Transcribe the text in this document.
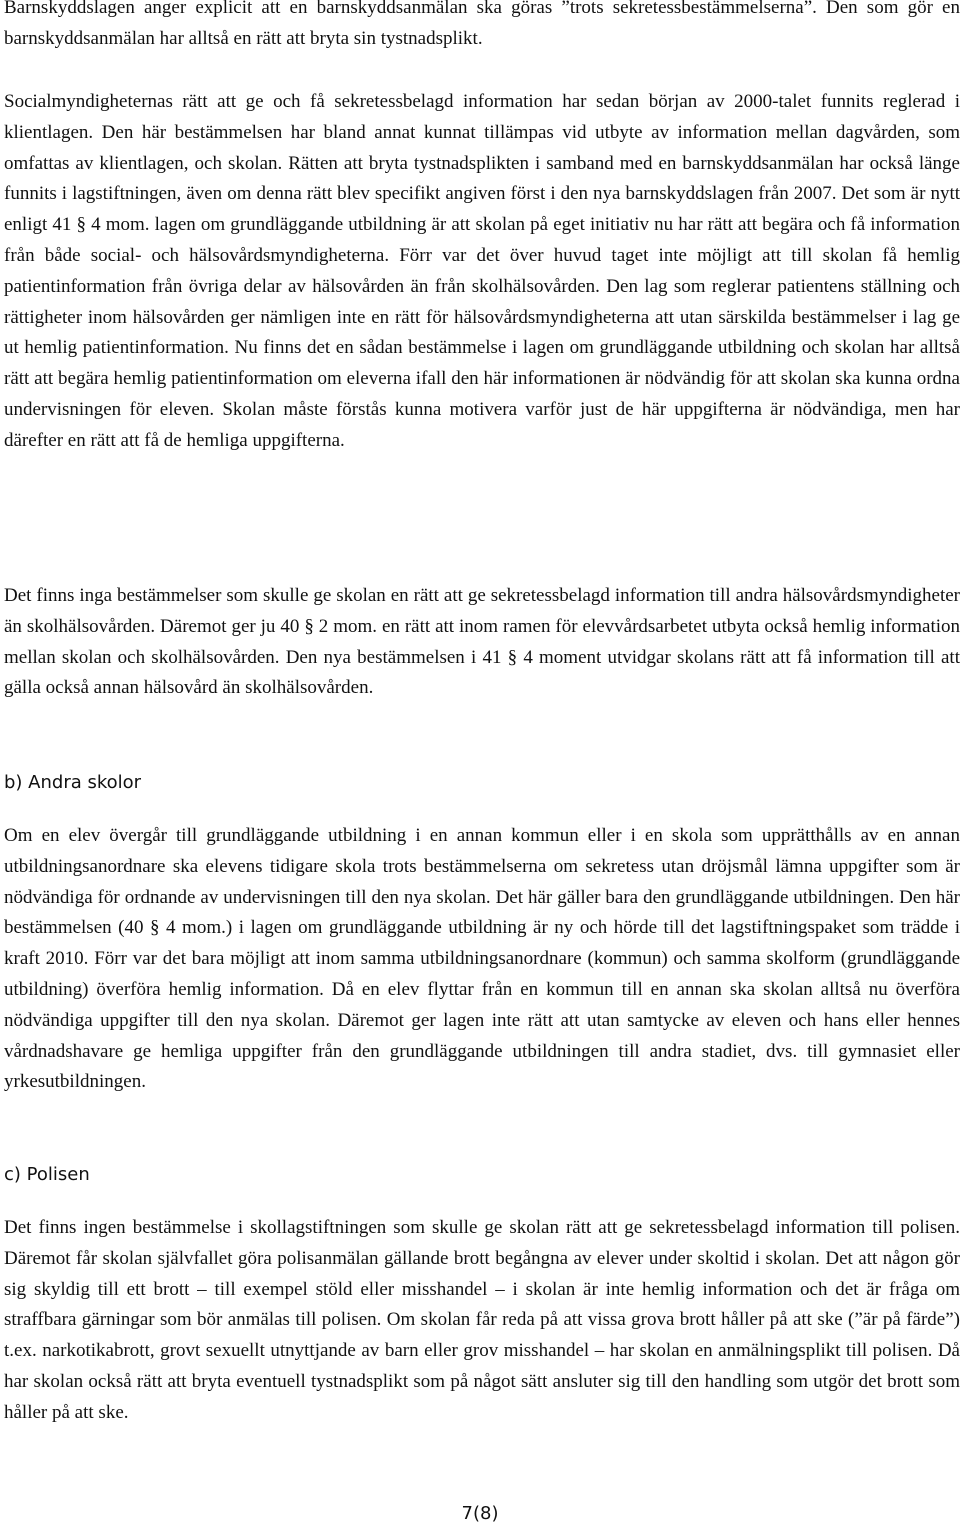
Barnskyddslagen anger explicit att en barnskyddsanmälan ska göras ”trots sekretessbestämmelserna”. Den som gör en barnskyddsanmälan har alltså en rätt att bryta sin tystnadsplikt.

Socialmyndigheternas rätt att ge och få sekretessbelagd information har sedan början av 2000-talet funnits reglerad i klientlagen. Den här bestämmelsen har bland annat kunnat tillämpas vid utbyte av information mellan dagvården, som omfattas av klientlagen, och skolan. Rätten att bryta tystnadsplikten i samband med en barnskyddsanmälan har också länge funnits i lagstiftningen, även om denna rätt blev specifikt angiven först i den nya barnskyddslagen från 2007. Det som är nytt enligt 41 § 4 mom. lagen om grundläggande utbildning är att skolan på eget initiativ nu har rätt att begära och få information från både social- och hälsovårdsmyndigheterna. Förr var det över huvud taget inte möjligt att till skolan få hemlig patientinformation från övriga delar av hälsovården än från skolhälsovården. Den lag som reglerar patientens ställning och rättigheter inom hälsovården ger nämligen inte en rätt för hälsovårdsmyndigheterna att utan särskilda bestämmelser i lag ge ut hemlig patientinformation. Nu finns det en sådan bestämmelse i lagen om grundläggande utbildning och skolan har alltså rätt att begära hemlig patientinformation om eleverna ifall den här informationen är nödvändig för att skolan ska kunna ordna undervisningen för eleven. Skolan måste förstås kunna motivera varför just de här uppgifterna är nödvändiga, men har därefter en rätt att få de hemliga uppgifterna.

Det finns inga bestämmelser som skulle ge skolan en rätt att ge sekretessbelagd information till andra hälsovårdsmyndigheter än skolhälsovården. Däremot ger ju 40 § 2 mom. en rätt att inom ramen för elevvårdsarbetet utbyta också hemlig information mellan skolan och skolhälsovården. Den nya bestämmelsen i 41 § 4 moment utvidgar skolans rätt att få information till att gälla också annan hälsovård än skolhälsovården.

b) Andra skolor

Om en elev övergår till grundläggande utbildning i en annan kommun eller i en skola som upprätthålls av en annan utbildningsanordnare ska elevens tidigare skola trots bestämmelserna om sekretess utan dröjsmål lämna uppgifter som är nödvändiga för ordnande av undervisningen till den nya skolan. Det här gäller bara den grundläggande utbildningen. Den här bestämmelsen (40 § 4 mom.) i lagen om grundläggande utbildning är ny och hörde till det lagstiftningspaket som trädde i kraft 2010. Förr var det bara möjligt att inom samma utbildningsanordnare (kommun) och samma skolform (grundläggande utbildning) överföra hemlig information. Då en elev flyttar från en kommun till en annan ska skolan alltså nu överföra nödvändiga uppgifter till den nya skolan. Däremot ger lagen inte rätt att utan samtycke av eleven och hans eller hennes vårdnadshavare ge hemliga uppgifter från den grundläggande utbildningen till andra stadiet, dvs. till gymnasiet eller yrkesutbildningen.

c) Polisen

Det finns ingen bestämmelse i skollagstiftningen som skulle ge skolan rätt att ge sekretessbelagd information till polisen. Däremot får skolan självfallet göra polisanmälan gällande brott begångna av elever under skoltid i skolan. Det att någon gör sig skyldig till ett brott – till exempel stöld eller misshandel – i skolan är inte hemlig information och det är fråga om straffbara gärningar som bör anmälas till polisen. Om skolan får reda på att vissa grova brott håller på att ske (”är på färde”) t.ex. narkotikabrott, grovt sexuellt utnyttjande av barn eller grov misshandel – har skolan en anmälningsplikt till polisen. Då har skolan också rätt att bryta eventuell tystnadsplikt som på något sätt ansluter sig till den handling som utgör det brott som håller på att ske.

7(8)
